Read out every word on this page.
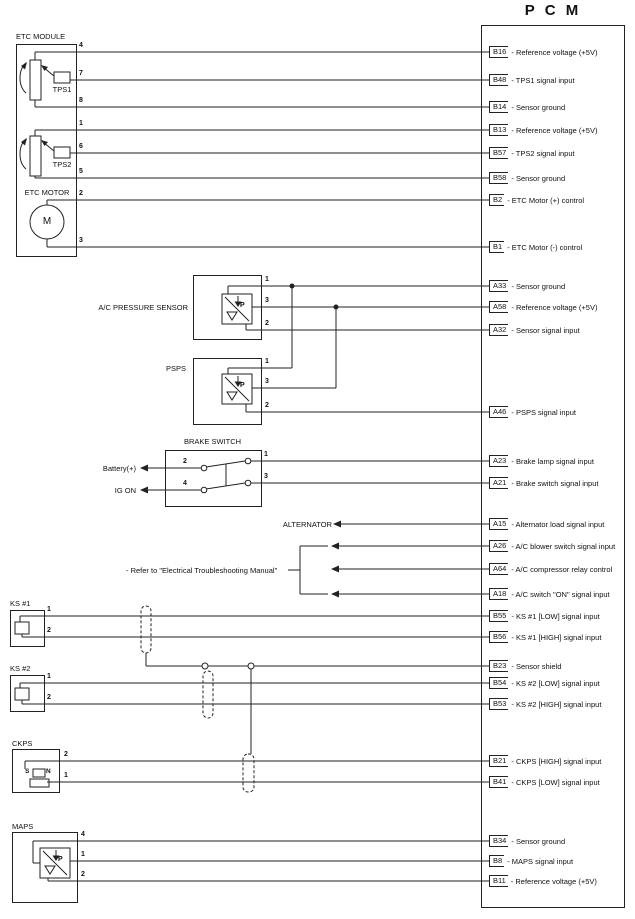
P C M
ETC MODULE
TPS1
TPS2
ETC MOTOR
M
A/C PRESSURE SENSOR
PSPS
BRAKE SWITCH
Battery(+)
IG ON
ALTERNATOR
- Refer to "Electrical Troubleshooting Manual"
KS #1
KS #2
CKPS
MAPS
P
P
P
S	N
4
7
8
1
6
5
2
3
1
3
2
1
3
2
2
4
1
3
1
2
1
2
2
1
4
1
2
B16 - Reference voltage (+5V)
B48 - TPS1 signal input
B14 - Sensor ground
B13 - Reference voltage (+5V)
B57 - TPS2 signal input
B58 - Sensor ground
B2 - ETC Motor (+) control
B1 - ETC Motor (-) control
A33 - Sensor ground
A58 - Reference voltage (+5V)
A32 - Sensor signal input
A46 - PSPS signal input
A23 - Brake lamp signal input
A21 - Brake switch signal input
A15 - Alternator load signal input
A26 - A/C blower switch signal input
A64 - A/C compressor relay control
A18 - A/C switch "ON" signal input
B55 - KS #1 [LOW] signal input
B56 - KS #1 [HIGH] signal input
B23 - Sensor shield
B54 - KS #2 [LOW] signal input
B53 - KS #2 [HIGH] signal input
B21 - CKPS [HIGH] signal input
B41 - CKPS [LOW] signal input
B34 - Sensor ground
B8 - MAPS signal input
B11 - Reference voltage (+5V)
